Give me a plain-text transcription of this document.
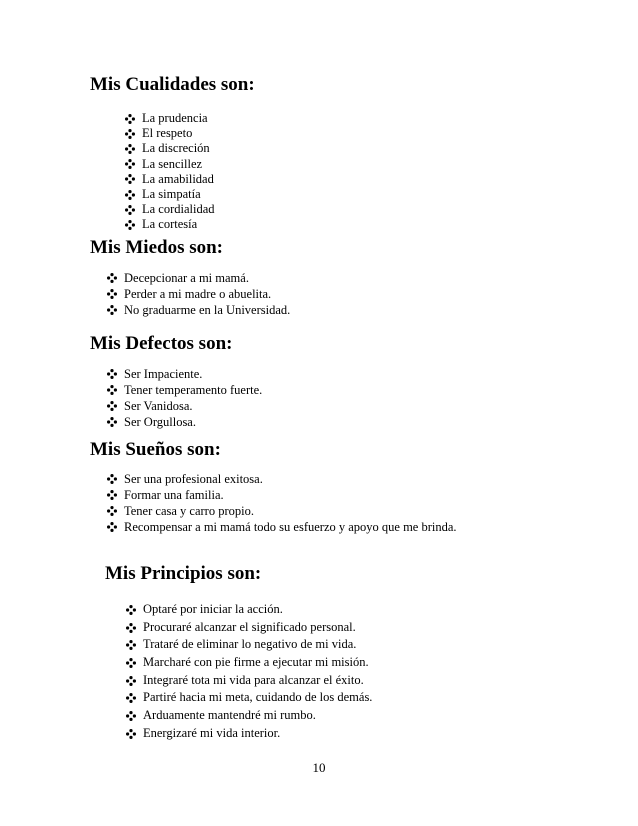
Mis Cualidades son:
La prudencia
El respeto
La discreción
La sencillez
La amabilidad
La simpatía
La cordialidad
La cortesía
Mis Miedos son:
Decepcionar a mi mamá.
Perder a mi madre o abuelita.
No graduarme en la Universidad.
Mis Defectos son:
Ser Impaciente.
Tener temperamento fuerte.
Ser Vanidosa.
Ser Orgullosa.
Mis Sueños son:
Ser una profesional exitosa.
Formar una familia.
Tener casa y carro propio.
Recompensar a mi mamá todo su esfuerzo y apoyo que me brinda.
Mis Principios son:
Optaré por iniciar la acción.
Procuraré alcanzar el significado personal.
Trataré de eliminar lo negativo de mi vida.
Marcharé con pie firme a ejecutar mi misión.
Integraré tota mi vida para alcanzar el éxito.
Partiré hacia mi meta, cuidando de los demás.
Arduamente mantendré mi rumbo.
Energizaré mi vida interior.
10
